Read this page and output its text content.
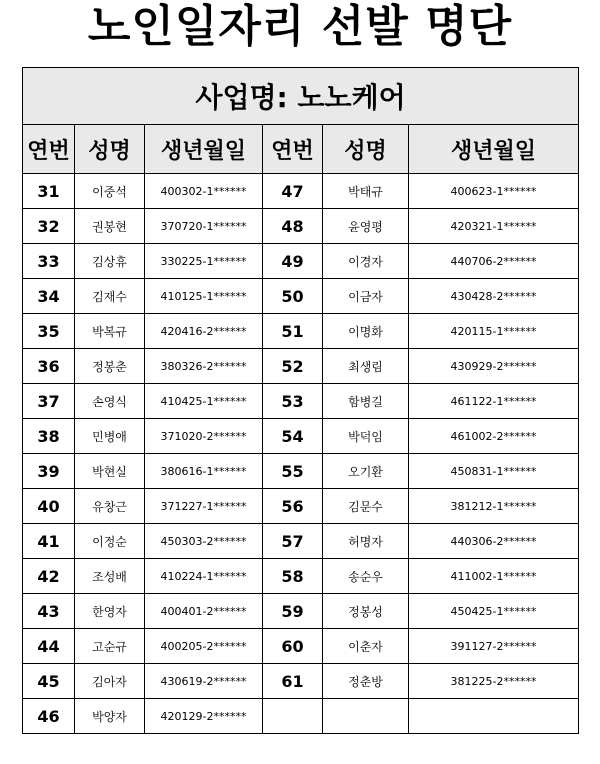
노인일자리 선발 명단
사업명: 노노케어					
연번	성명	생년월일	연번	성명	생년월일
31	이중석	400302-1******	47	박태규	400623-1******
32	권봉현	370720-1******	48	윤영평	420321-1******
33	김상휴	330225-1******	49	이경자	440706-2******
34	김재수	410125-1******	50	이금자	430428-2******
35	박복규	420416-2******	51	이명화	420115-1******
36	정봉춘	380326-2******	52	최생림	430929-2******
37	손영식	410425-1******	53	함병길	461122-1******
38	민병애	371020-2******	54	박덕임	461002-2******
39	박현실	380616-1******	55	오기환	450831-1******
40	유창근	371227-1******	56	김문수	381212-1******
41	이정순	450303-2******	57	허명자	440306-2******
42	조성배	410224-1******	58	송순우	411002-1******
43	한영자	400401-2******	59	정봉성	450425-1******
44	고순규	400205-2******	60	이춘자	391127-2******
45	김아자	430619-2******	61	정춘방	381225-2******
46	박양자	420129-2******			
